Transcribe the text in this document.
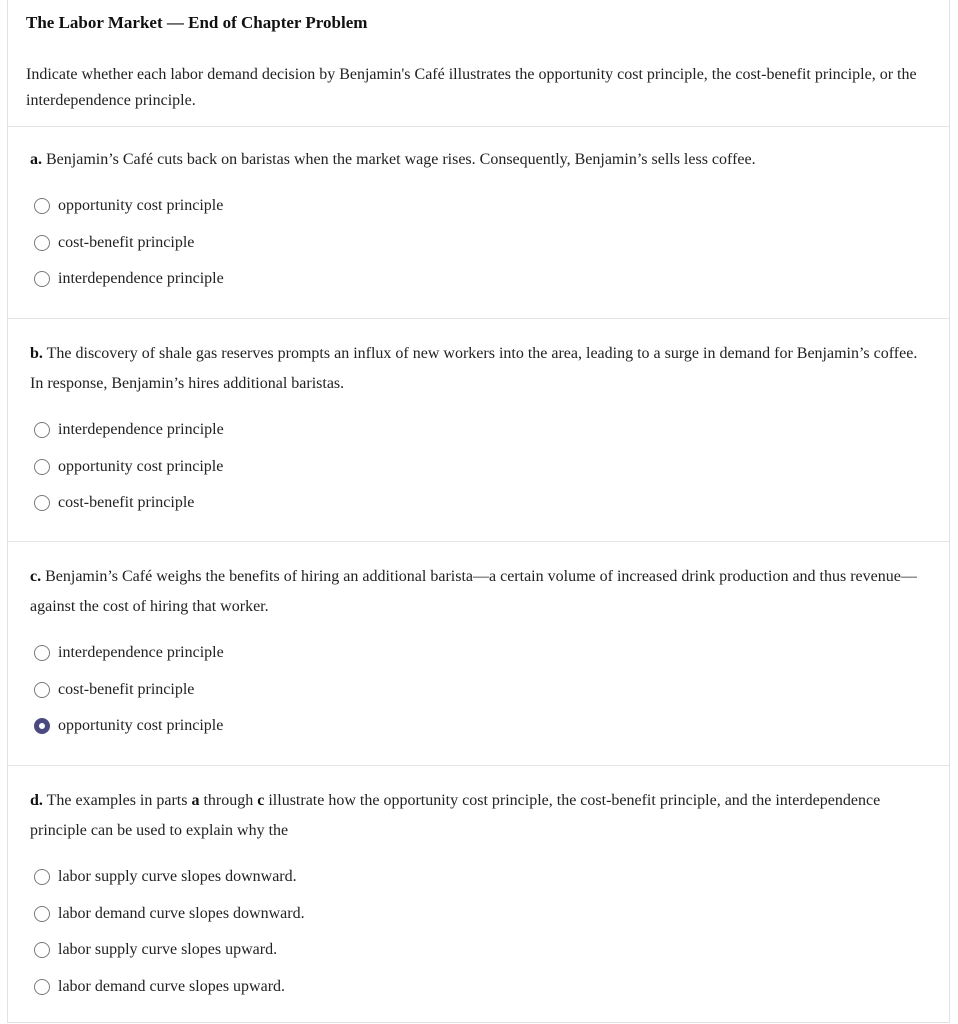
The Labor Market — End of Chapter Problem

Indicate whether each labor demand decision by Benjamin's Café illustrates the opportunity cost principle, the cost-benefit principle, or the interdependence principle.

a. Benjamin’s Café cuts back on baristas when the market wage rises. Consequently, Benjamin’s sells less coffee.

opportunity cost principle
cost-benefit principle
interdependence principle

b. The discovery of shale gas reserves prompts an influx of new workers into the area, leading to a surge in demand for Benjamin’s coffee. In response, Benjamin’s hires additional baristas.

interdependence principle
opportunity cost principle
cost-benefit principle

c. Benjamin’s Café weighs the benefits of hiring an additional barista—a certain volume of increased drink production and thus revenue—against the cost of hiring that worker.

interdependence principle
cost-benefit principle
opportunity cost principle

d. The examples in parts a through c illustrate how the opportunity cost principle, the cost-benefit principle, and the interdependence principle can be used to explain why the

labor supply curve slopes downward.
labor demand curve slopes downward.
labor supply curve slopes upward.
labor demand curve slopes upward.
